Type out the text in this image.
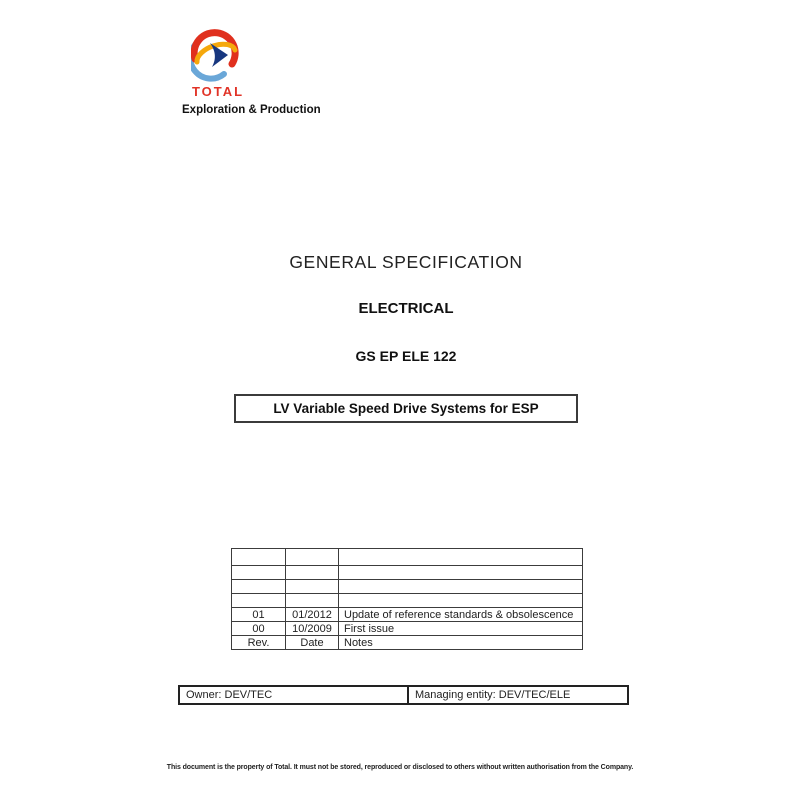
TOTAL
Exploration & Production
GENERAL SPECIFICATION
ELECTRICAL
GS EP ELE 122
LV Variable Speed Drive Systems for ESP

01	01/2012	Update of reference standards & obsolescence
00	10/2009	First issue
Rev.	Date	Notes
Owner: DEV/TEC	Managing entity: DEV/TEC/ELE
This document is the property of Total. It must not be stored, reproduced or disclosed to others without written authorisation from the Company.
